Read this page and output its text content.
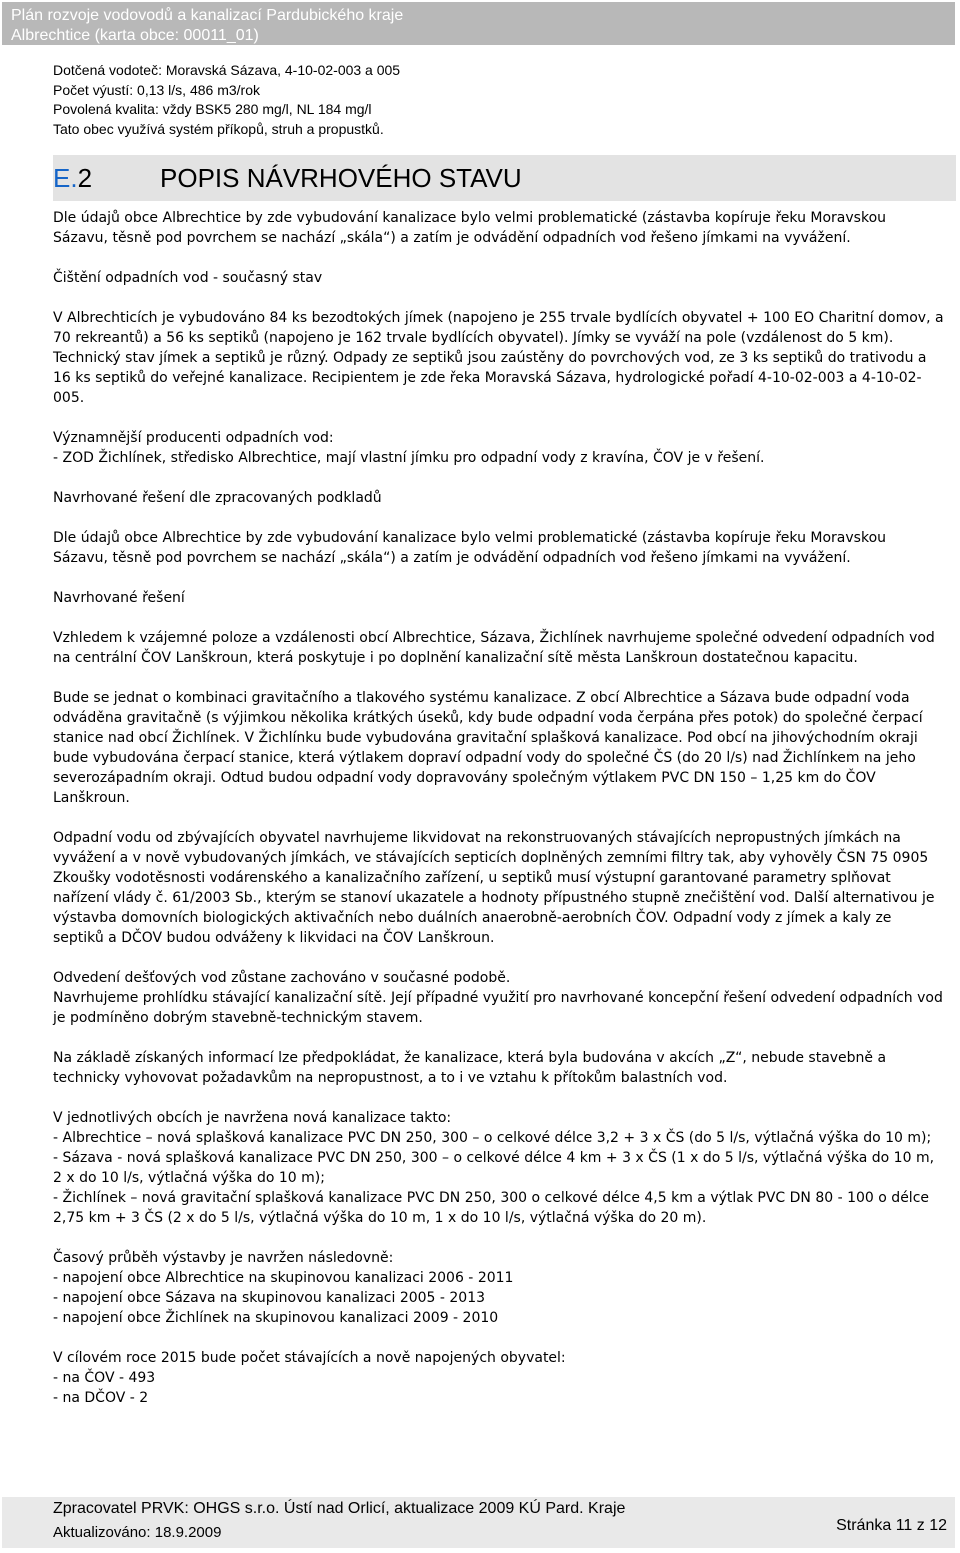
Plán rozvoje vodovodů a kanalizací Pardubického kraje
Albrechtice (karta obce: 00011_01)
Dotčená vodoteč: Moravská Sázava, 4-10-02-003 a 005
Počet výustí: 0,13 l/s, 486 m3/rok
Povolená kvalita: vždy BSK5 280 mg/l, NL 184 mg/l
Tato obec využívá systém příkopů, struh a propustků.
E.2	POPIS NÁVRHOVÉHO STAVU

Dle údajů obce Albrechtice by zde vybudování kanalizace bylo velmi problematické (zástavba kopíruje řeku Moravskou Sázavu, těsně pod povrchem se nachází „skála“) a zatím je odvádění odpadních vod řešeno jímkami na vyvážení.

Čištění odpadních vod - současný stav

V Albrechticích je vybudováno 84 ks bezodtokých jímek (napojeno je 255 trvale bydlících obyvatel + 100 EO Charitní domov, a 70 rekreantů) a 56 ks septiků (napojeno je 162 trvale bydlících obyvatel). Jímky se vyváží na pole (vzdálenost do 5 km). Technický stav jímek a septiků je různý. Odpady ze septiků jsou zaústěny do povrchových vod, ze 3 ks septiků do trativodu a 16 ks septiků do veřejné kanalizace. Recipientem je zde řeka Moravská Sázava, hydrologické pořadí 4-10-02-003 a 4-10-02-005.

Významnější producenti odpadních vod:
- ZOD Žichlínek, středisko Albrechtice, mají vlastní jímku pro odpadní vody z kravína, ČOV je v řešení.

Navrhované řešení dle zpracovaných podkladů

Dle údajů obce Albrechtice by zde vybudování kanalizace bylo velmi problematické (zástavba kopíruje řeku Moravskou Sázavu, těsně pod povrchem se nachází „skála“) a zatím je odvádění odpadních vod řešeno jímkami na vyvážení.

Navrhované řešení

Vzhledem k vzájemné poloze a vzdálenosti obcí Albrechtice, Sázava, Žichlínek navrhujeme společné odvedení odpadních vod na centrální ČOV Lanškroun, která poskytuje i po doplnění kanalizační sítě města Lanškroun dostatečnou kapacitu.

Bude se jednat o kombinaci gravitačního a tlakového systému kanalizace. Z obcí Albrechtice a Sázava bude odpadní voda odváděna gravitačně (s výjimkou několika krátkých úseků, kdy bude odpadní voda čerpána přes potok) do společné čerpací stanice nad obcí Žichlínek. V Žichlínku bude vybudována gravitační splašková kanalizace. Pod obcí na jihovýchodním okraji bude vybudována čerpací stanice, která výtlakem dopraví odpadní vody do společné ČS (do 20 l/s) nad Žichlínkem na jeho severozápadním okraji. Odtud budou odpadní vody dopravovány společným výtlakem PVC DN 150 – 1,25 km do ČOV Lanškroun.

Odpadní vodu od zbývajících obyvatel navrhujeme likvidovat na rekonstruovaných stávajících nepropustných jímkách na vyvážení a v nově vybudovaných jímkách, ve stávajících septicích doplněných zemními filtry tak, aby vyhověly ČSN 75 0905 Zkoušky vodotěsnosti vodárenského a kanalizačního zařízení, u septiků musí výstupní garantované parametry splňovat nařízení vlády č. 61/2003 Sb., kterým se stanoví ukazatele a hodnoty přípustného stupně znečištění vod. Další alternativou je výstavba domovních biologických aktivačních nebo duálních anaerobně-aerobních ČOV. Odpadní vody z jímek a kaly ze septiků a DČOV budou odváženy k likvidaci na ČOV Lanškroun.

Odvedení dešťových vod zůstane zachováno v současné podobě.
Navrhujeme prohlídku stávající kanalizační sítě. Její případné využití pro navrhované koncepční řešení odvedení odpadních vod je podmíněno dobrým stavebně-technickým stavem.

Na základě získaných informací lze předpokládat, že kanalizace, která byla budována v akcích „Z“, nebude stavebně a technicky vyhovovat požadavkům na nepropustnost, a to i ve vztahu k přítokům balastních vod.

V jednotlivých obcích je navržena nová kanalizace takto:
- Albrechtice – nová splašková kanalizace PVC DN 250, 300 – o celkové délce 3,2 + 3 x ČS (do 5 l/s, výtlačná výška do 10 m);
- Sázava - nová splašková kanalizace PVC DN 250, 300 – o celkové délce 4 km + 3 x ČS (1 x do 5 l/s, výtlačná výška do 10 m, 2 x do 10 l/s, výtlačná výška do 10 m);
- Žichlínek – nová gravitační splašková kanalizace PVC DN 250, 300 o celkové délce 4,5 km a výtlak PVC DN 80 - 100 o délce 2,75 km + 3 ČS (2 x do 5 l/s, výtlačná výška do 10 m, 1 x do 10 l/s, výtlačná výška do 20 m).

Časový průběh výstavby je navržen následovně:
- napojení obce Albrechtice na skupinovou kanalizaci 2006 - 2011
- napojení obce Sázava na skupinovou kanalizaci 2005 - 2013
- napojení obce Žichlínek na skupinovou kanalizaci 2009 - 2010

V cílovém roce 2015 bude počet stávajících a nově napojených obyvatel:
- na ČOV - 493
- na DČOV - 2

Zpracovatel PRVK: OHGS s.r.o. Ústí nad Orlicí, aktualizace 2009 KÚ Pard. Kraje
Aktualizováno: 18.9.2009	Stránka 11 z 12
